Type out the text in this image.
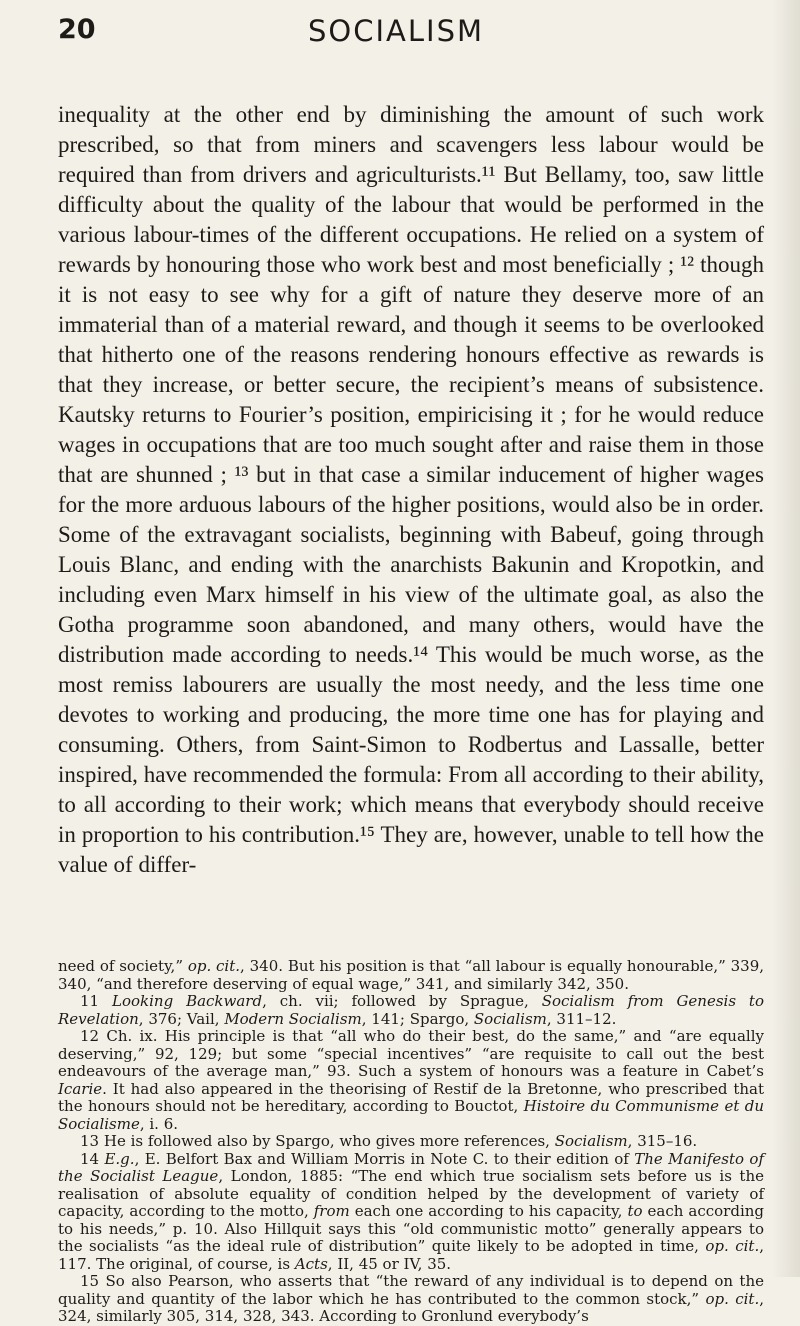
20	SOCIALISM

inequality at the other end by diminishing the amount of such work prescribed, so that from miners and scavengers less labour would be required than from drivers and agriculturists.¹¹ But Bellamy, too, saw little difficulty about the quality of the labour that would be performed in the various labour-times of the different occupations. He relied on a system of rewards by honouring those who work best and most beneficially ; ¹² though it is not easy to see why for a gift of nature they deserve more of an immaterial than of a material reward, and though it seems to be overlooked that hitherto one of the reasons rendering honours effective as rewards is that they increase, or better secure, the recipient’s means of subsistence. Kautsky returns to Fourier’s position, empiricising it ; for he would reduce wages in occupations that are too much sought after and raise them in those that are shunned ; ¹³ but in that case a similar inducement of higher wages for the more arduous labours of the higher positions, would also be in order. Some of the extravagant socialists, beginning with Babeuf, going through Louis Blanc, and ending with the anarchists Bakunin and Kropotkin, and including even Marx himself in his view of the ultimate goal, as also the Gotha programme soon abandoned, and many others, would have the distribution made according to needs.¹⁴ This would be much worse, as the most remiss labourers are usually the most needy, and the less time one devotes to working and producing, the more time one has for playing and consuming. Others, from Saint-Simon to Rodbertus and Lassalle, better inspired, have recommended the formula: From all according to their ability, to all according to their work; which means that everybody should receive in proportion to his contribution.¹⁵ They are, however, unable to tell how the value of differ-

need of society,” op. cit., 340. But his position is that “all labour is equally honourable,” 339, 340, “and therefore deserving of equal wage,” 341, and similarly 342, 350.

11 Looking Backward, ch. vii; followed by Sprague, Socialism from Genesis to Revelation, 376; Vail, Modern Socialism, 141; Spargo, Socialism, 311–12.

12 Ch. ix. His principle is that “all who do their best, do the same,” and “are equally deserving,” 92, 129; but some “special incentives” “are requisite to call out the best endeavours of the average man,” 93. Such a system of honours was a feature in Cabet’s Icarie. It had also appeared in the theorising of Restif de la Bretonne, who prescribed that the honours should not be hereditary, according to Bouctot, Histoire du Communisme et du Socialisme, i. 6.

13 He is followed also by Spargo, who gives more references, Socialism, 315–16.

14 E.g., E. Belfort Bax and William Morris in Note C. to their edition of The Manifesto of the Socialist League, London, 1885: “The end which true socialism sets before us is the realisation of absolute equality of condition helped by the development of variety of capacity, according to the motto, from each one according to his capacity, to each according to his needs,” p. 10. Also Hillquit says this “old communistic motto” generally appears to the socialists “as the ideal rule of distribution” quite likely to be adopted in time, op. cit., 117. The original, of course, is Acts, II, 45 or IV, 35.

15 So also Pearson, who asserts that “the reward of any individual is to depend on the quality and quantity of the labor which he has contributed to the common stock,” op. cit., 324, similarly 305, 314, 328, 343. According to Gronlund everybody’s
